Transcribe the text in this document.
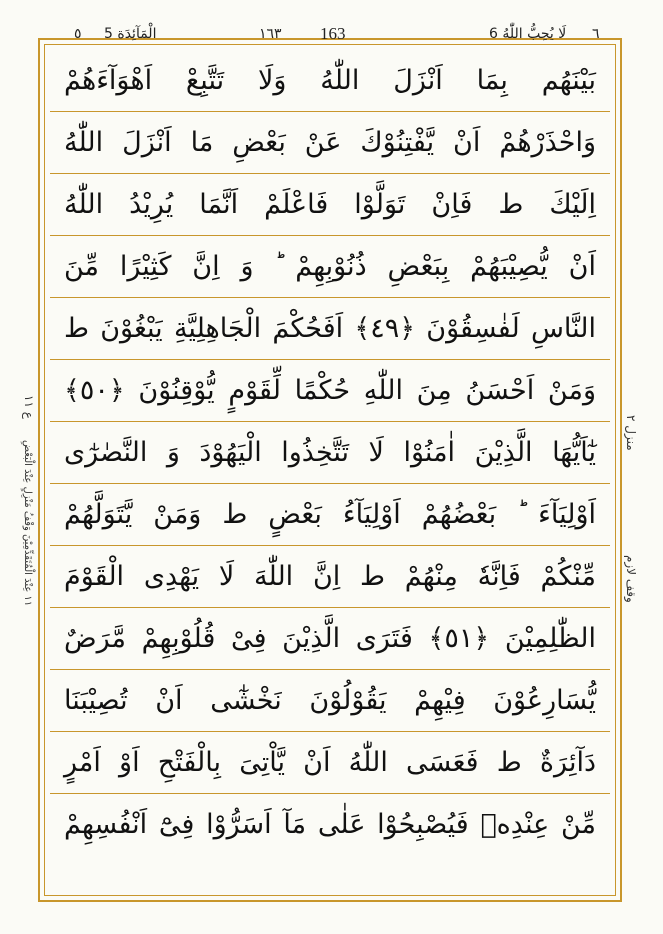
5 الْمَآئِدَة
٥	١٦٣ 163	6 لَا يُحِبُّ اللّٰهُ ٦
منزل ۲
وقف لازم
ع ۱۱
١١ عِنْدَ الْمُتَقَدِّمِيْنَ وَقْفُ مَنْزِلٍ عِنْدَ الْبَعْضِ
بَيْنَهُم بِمَا اَنْزَلَ اللّٰهُ وَلَا تَتَّبِعْ اَهْوَآءَهُمْ
وَاحْذَرْهُمْ اَنْ يَّفْتِنُوْكَ عَنْ بَعْضِ مَا اَنْزَلَ اللّٰهُ
اِلَيْكَ ط فَاِنْ تَوَلَّوْا فَاعْلَمْ اَنَّمَا يُرِيْدُ اللّٰهُ
اَنْ يُّصِيْبَهُمْ بِبَعْضِ ذُنُوْبِهِمْ ؕ وَ اِنَّ كَثِيْرًا مِّنَ
النَّاسِ لَفٰسِقُوْنَ ﴿٤٩﴾ اَفَحُكْمَ الْجَاهِلِيَّةِ يَبْغُوْنَ ط
وَمَنْ اَحْسَنُ مِنَ اللّٰهِ حُكْمًا لِّقَوْمٍ يُّوْقِنُوْنَ ﴿٥٠﴾
يٰٓاَيُّهَا الَّذِيْنَ اٰمَنُوْا لَا تَتَّخِذُوا الْيَهُوْدَ وَ النَّصٰرٰٓى
اَوْلِيَآءَ ؕ بَعْضُهُمْ اَوْلِيَآءُ بَعْضٍ ط وَمَنْ يَّتَوَلَّهُمْ
مِّنْكُمْ فَاِنَّهٗ مِنْهُمْ ط اِنَّ اللّٰهَ لَا يَهْدِى الْقَوْمَ
الظّٰلِمِيْنَ ﴿٥١﴾ فَتَرَى الَّذِيْنَ فِىْ قُلُوْبِهِمْ مَّرَضٌ
يُّسَارِعُوْنَ فِيْهِمْ يَقُوْلُوْنَ نَخْشٰٓى اَنْ تُصِيْبَنَا
دَآئِرَةٌ ط فَعَسَى اللّٰهُ اَنْ يَّاْتِىَ بِالْفَتْحِ اَوْ اَمْرٍ
مِّنْ عِنْدِهٖ فَيُصْبِحُوْا عَلٰى مَآ اَسَرُّوْا فِىْٓ اَنْفُسِهِمْ
